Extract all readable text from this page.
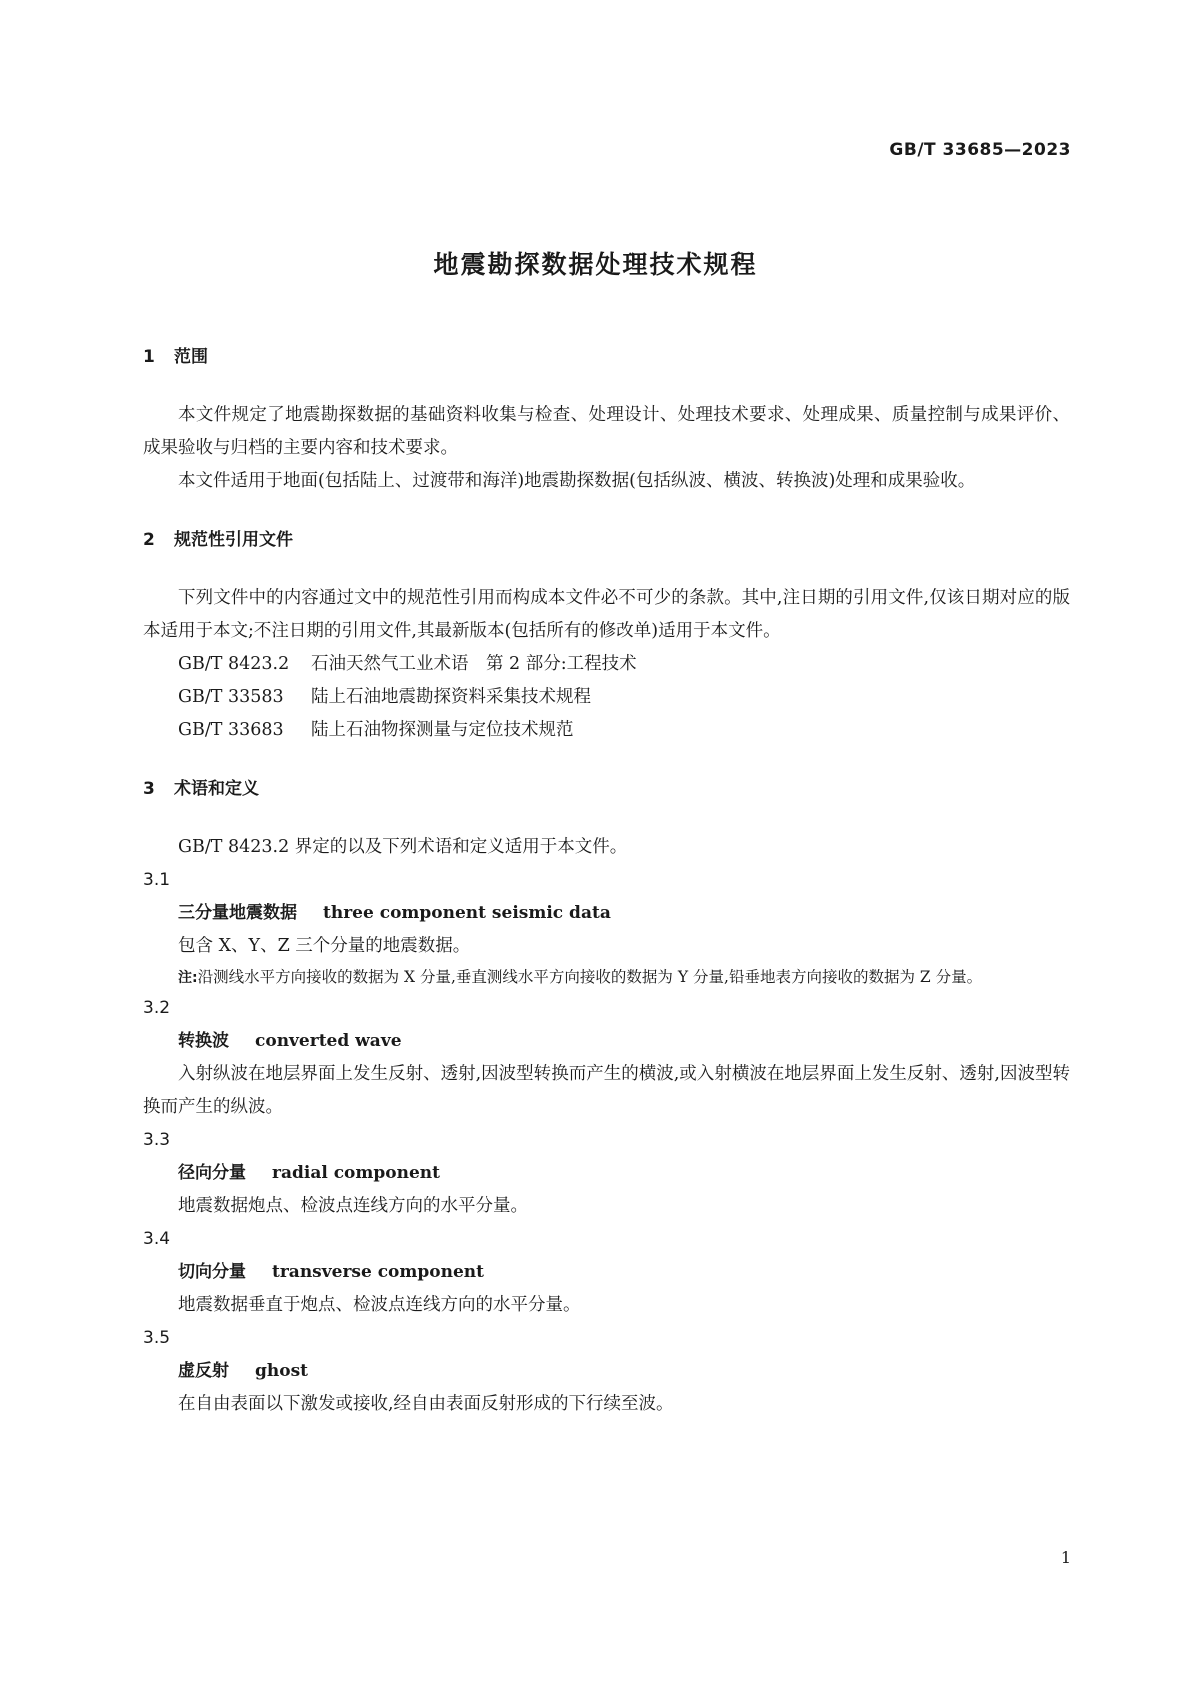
GB/T 33685—2023
地震勘探数据处理技术规程
1 范围

本文件规定了地震勘探数据的基础资料收集与检查、处理设计、处理技术要求、处理成果、质量控制与成果评价、成果验收与归档的主要内容和技术要求。

本文件适用于地面(包括陆上、过渡带和海洋)地震勘探数据(包括纵波、横波、转换波)处理和成果验收。

2 规范性引用文件

下列文件中的内容通过文中的规范性引用而构成本文件必不可少的条款。其中,注日期的引用文件,仅该日期对应的版本适用于本文;不注日期的引用文件,其最新版本(包括所有的修改单)适用于本文件。

GB/T 8423.2 石油天然气工业术语　第 2 部分:工程技术

GB/T 33583 陆上石油地震勘探资料采集技术规程

GB/T 33683 陆上石油物探测量与定位技术规范

3 术语和定义

GB/T 8423.2 界定的以及下列术语和定义适用于本文件。

3.1

三分量地震数据 three component seismic data

包含 X、Y、Z 三个分量的地震数据。

注:沿测线水平方向接收的数据为 X 分量,垂直测线水平方向接收的数据为 Y 分量,铅垂地表方向接收的数据为 Z 分量。

3.2

转换波 converted wave

入射纵波在地层界面上发生反射、透射,因波型转换而产生的横波,或入射横波在地层界面上发生反射、透射,因波型转换而产生的纵波。

3.3

径向分量 radial component

地震数据炮点、检波点连线方向的水平分量。

3.4

切向分量 transverse component

地震数据垂直于炮点、检波点连线方向的水平分量。

3.5

虚反射 ghost

在自由表面以下激发或接收,经自由表面反射形成的下行续至波。

1
